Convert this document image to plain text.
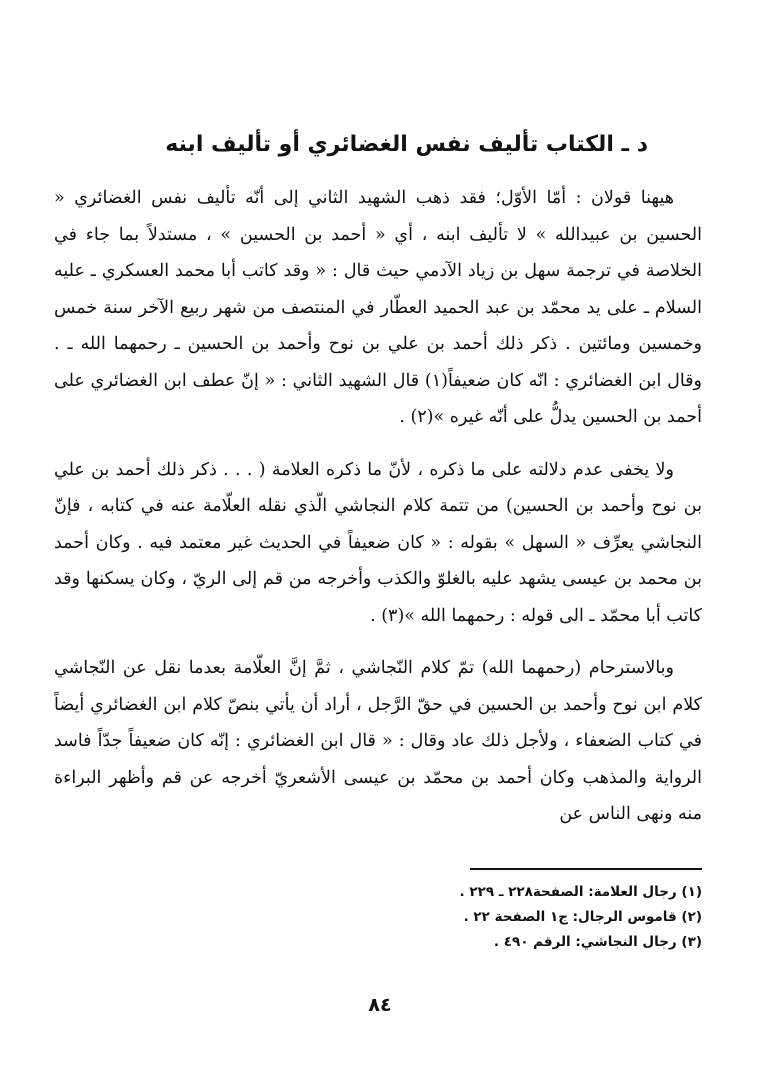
د ـ الكتاب تأليف نفس الغضائري أو تأليف ابنه

هيهنا قولان : أمّا الأوّل؛ فقد ذهب الشهيد الثاني إلى أنّه تأليف نفس الغضائري « الحسين بن عبيدالله » لا تأليف ابنه ، أي « أحمد بن الحسين » ، مستدلاً بما جاء في الخلاصة في ترجمة سهل بن زياد الآدمي حيث قال : « وقد كاتب أبا محمد العسكري ـ عليه السلام ـ على يد محمّد بن عبد الحميد العطّار في المنتصف من شهر ربيع الآخر سنة خمس وخمسين ومائتين . ذكر ذلك أحمد بن علي بن نوح وأحمد بن الحسين ـ رحمهما الله ـ . وقال ابن الغضائري : انّه كان ضعيفاً(١) قال الشهيد الثاني : « إنّ عطف ابن الغضائري على أحمد بن الحسين يدلُّ على أنّه غيره »(٢) .

ولا يخفى عدم دلالته على ما ذكره ، لأنّ ما ذكره العلامة ( . . . ذكر ذلك أحمد بن علي بن نوح وأحمد بن الحسين) من تتمة كلام النجاشي الّذي نقله العلّامة عنه في كتابه ، فإنّ النجاشي يعرِّف « السهل » بقوله : « كان ضعيفاً في الحديث غير معتمد فيه . وكان أحمد بن محمد بن عيسى يشهد عليه بالغلوّ والكذب وأخرجه من قم إلى الريّ ، وكان يسكنها وقد كاتب أبا محمّد ـ الى قوله : رحمهما الله »(٣) .

وبالاسترحام (رحمهما الله) تمّ كلام النّجاشي ، ثمَّ إنَّ العلّامة بعدما نقل عن النّجاشي كلام ابن نوح وأحمد بن الحسين في حقّ الرَّجل ، أراد أن يأتي بنصّ كلام ابن الغضائري أيضاً في كتاب الضعفاء ، ولأجل ذلك عاد وقال : « قال ابن الغضائري : إنّه كان ضعيفاً جدّاً فاسد الرواية والمذهب وكان أحمد بن محمّد بن عيسى الأشعريّ أخرجه عن قم وأظهر البراءة منه ونهى الناس عن

(١) رجال العلامة: الصفحة٢٢٨ ـ ٢٢٩ .
(٢) قاموس الرجال: ج١ الصفحة ٢٢ .
(٣) رجال النجاشي: الرقم ٤٩٠ .
٨٤
